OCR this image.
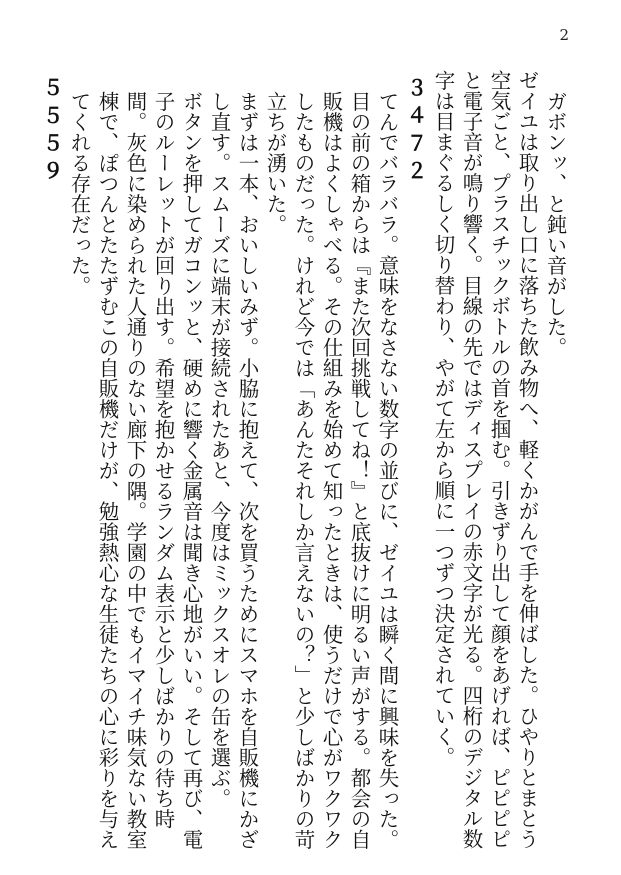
2

ガボンッ、と鈍い音がした。

ゼイユは取り出し口に落ちた飲み物へ、軽くかがんで手を伸ばした。ひやりとまとう空気ごと、プラスチックボトルの首を掴む。引きずり出して顔をあげれば、ピピピピと電子音が鳴り響く。目線の先ではディスプレイの赤文字が光る。四桁のデジタル数字は目まぐるしく切り替わり、やがて左から順に一つずつ決定されていく。

３４７２

てんでバラバラ。意味をなさない数字の並びに、ゼイユは瞬く間に興味を失った。目の前の箱からは『また次回挑戦してね！』と底抜けに明るい声がする。都会の自販機はよくしゃべる。その仕組みを始めて知ったときは、使うだけで心がワクワクしたものだった。けれど今では「あんたそれしか言えないの？」と少しばかりの苛立ちが湧いた。

まずは一本、おいしいみず。小脇に抱えて、次を買うためにスマホを自販機にかざし直す。スムーズに端末が接続されたあと、今度はミックスオレの缶を選ぶ。

ボタンを押してガコンッと、硬めに響く金属音は聞き心地がいい。そして再び、電子のルーレットが回り出す。希望を抱かせるランダム表示と少しばかりの待ち時間。灰色に染められた人通りのない廊下の隅。学園の中でもイマイチ味気ない教室棟で、ぽつんとたたずむこの自販機だけが、勉強熱心な生徒たちの心に彩りを与えてくれる存在だった。

５５５９
